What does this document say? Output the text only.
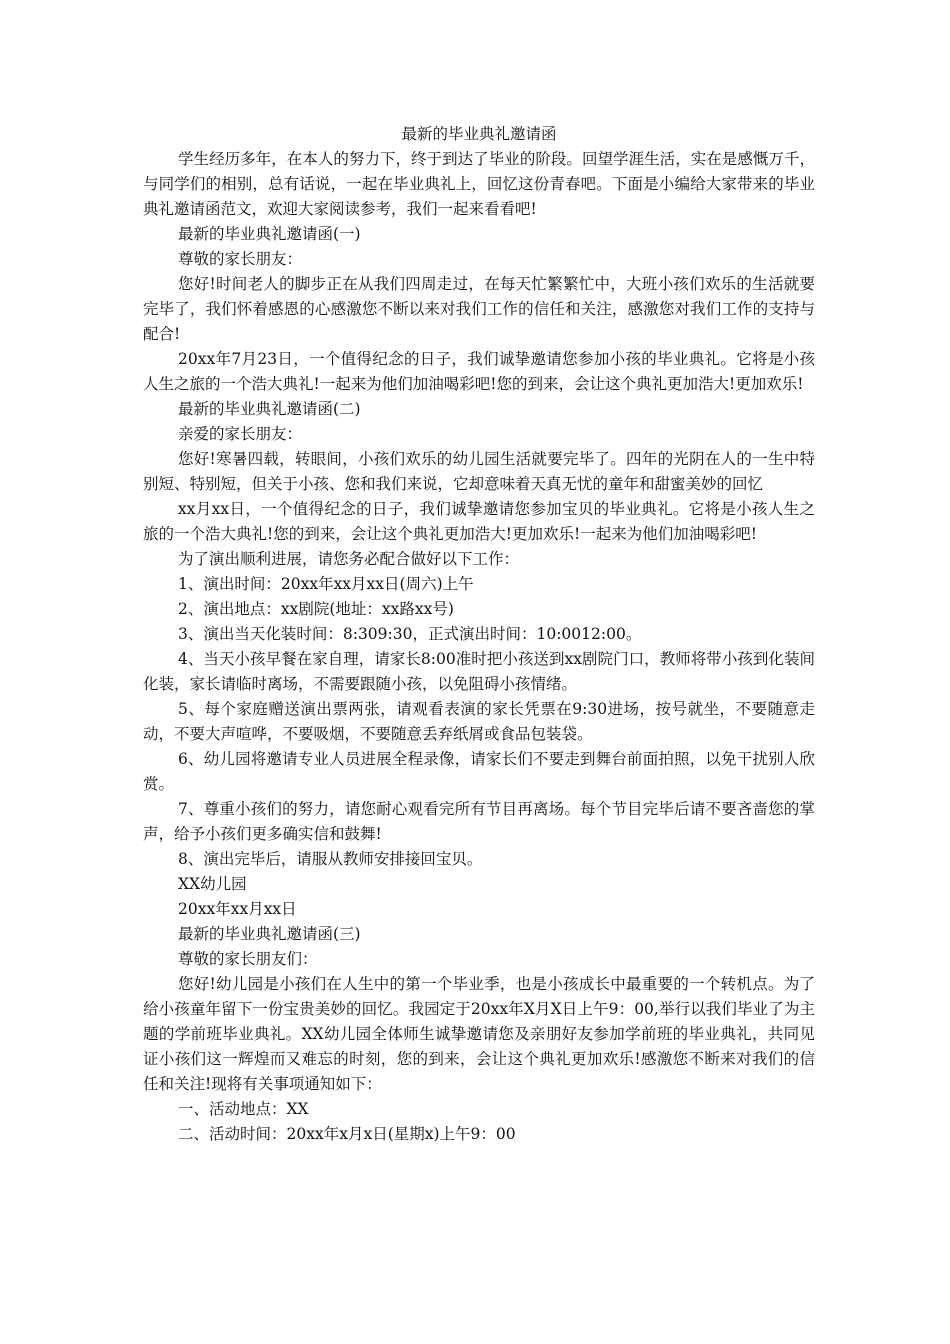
最新的毕业典礼邀请函

学生经历多年，在本人的努力下，终于到达了毕业的阶段。回望学涯生活，实在是感慨万千，与同学们的相别，总有话说，一起在毕业典礼上，回忆这份青春吧。下面是小编给大家带来的毕业典礼邀请函范文，欢迎大家阅读参考，我们一起来看看吧!

最新的毕业典礼邀请函(一)

尊敬的家长朋友：

您好!时间老人的脚步正在从我们四周走过，在每天忙繁繁忙中，大班小孩们欢乐的生活就要完毕了，我们怀着感恩的心感激您不断以来对我们工作的信任和关注，感激您对我们工作的支持与配合!

20xx年7月23日，一个值得纪念的日子，我们诚挚邀请您参加小孩的毕业典礼。它将是小孩人生之旅的一个浩大典礼!一起来为他们加油喝彩吧!您的到来，会让这个典礼更加浩大!更加欢乐!

最新的毕业典礼邀请函(二)

亲爱的家长朋友：

您好!寒暑四载，转眼间，小孩们欢乐的幼儿园生活就要完毕了。四年的光阴在人的一生中特别短、特别短，但关于小孩、您和我们来说，它却意味着天真无忧的童年和甜蜜美妙的回忆

xx月xx日，一个值得纪念的日子，我们诚挚邀请您参加宝贝的毕业典礼。它将是小孩人生之旅的一个浩大典礼!您的到来，会让这个典礼更加浩大!更加欢乐!一起来为他们加油喝彩吧!

为了演出顺利进展，请您务必配合做好以下工作：

1、演出时间：20xx年xx月xx日(周六)上午

2、演出地点：xx剧院(地址：xx路xx号)

3、演出当天化装时间：8:309:30，正式演出时间：10:0012:00。

4、当天小孩早餐在家自理，请家长8:00准时把小孩送到xx剧院门口，教师将带小孩到化装间化装，家长请临时离场，不需要跟随小孩，以免阻碍小孩情绪。

5、每个家庭赠送演出票两张，请观看表演的家长凭票在9:30进场，按号就坐，不要随意走动，不要大声喧哗，不要吸烟，不要随意丢弃纸屑或食品包装袋。

6、幼儿园将邀请专业人员进展全程录像，请家长们不要走到舞台前面拍照，以免干扰别人欣赏。

7、尊重小孩们的努力，请您耐心观看完所有节目再离场。每个节目完毕后请不要吝啬您的掌声，给予小孩们更多确实信和鼓舞!

8、演出完毕后，请服从教师安排接回宝贝。

XX幼儿园

20xx年xx月xx日

最新的毕业典礼邀请函(三)

尊敬的家长朋友们：

您好!幼儿园是小孩们在人生中的第一个毕业季，也是小孩成长中最重要的一个转机点。为了给小孩童年留下一份宝贵美妙的回忆。我园定于20xx年X月X日上午9：00,举行以我们毕业了为主题的学前班毕业典礼。XX幼儿园全体师生诚挚邀请您及亲朋好友参加学前班的毕业典礼，共同见证小孩们这一辉煌而又难忘的时刻，您的到来，会让这个典礼更加欢乐!感激您不断来对我们的信任和关注!现将有关事项通知如下：

一、活动地点：XX

二、活动时间：20xx年x月x日(星期x)上午9：00
